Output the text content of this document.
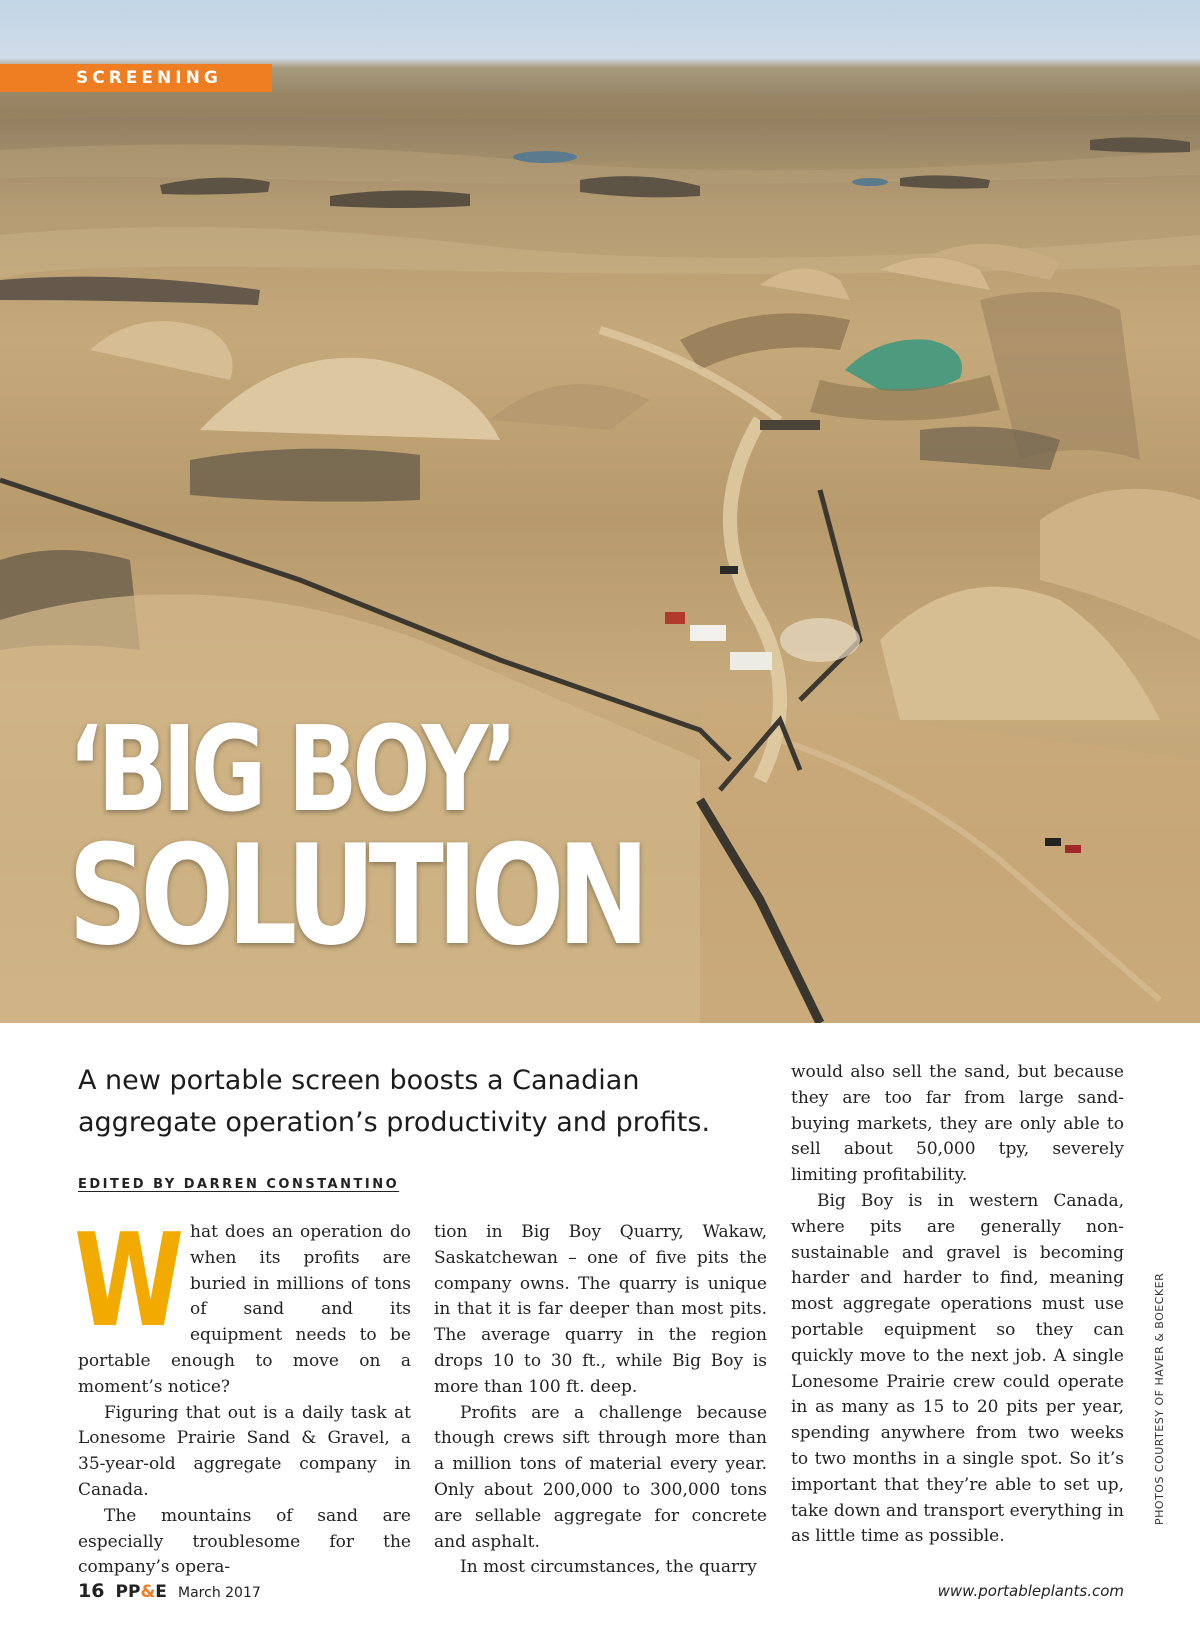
SCREENING
‘BIG BOY’
SOLUTION
A new portable screen boosts a Canadian aggregate operation’s productivity and profits.
EDITED BY DARREN CONSTANTINO
W hat does an operation do when its profits are buried in millions of tons of sand and its equipment needs to be portable enough to move on a moment’s notice?

Figuring that out is a daily task at Lonesome Prairie Sand & Gravel, a 35-year-old aggregate company in Canada.

The mountains of sand are especially troublesome for the company’s opera-

tion in Big Boy Quarry, Wakaw, Saskatchewan – one of five pits the company owns. The quarry is unique in that it is far deeper than most pits. The average quarry in the region drops 10 to 30 ft., while Big Boy is more than 100 ft. deep.

Profits are a challenge because though crews sift through more than a million tons of material every year. Only about 200,000 to 300,000 tons are sellable aggregate for concrete and asphalt.

In most circumstances, the quarry

would also sell the sand, but because they are too far from large sand-buying markets, they are only able to sell about 50,000 tpy, severely limiting profitability.

Big Boy is in western Canada, where pits are generally non-sustainable and gravel is becoming harder and harder to find, meaning most aggregate operations must use portable equipment so they can quickly move to the next job. A single Lonesome Prairie crew could operate in as many as 15 to 20 pits per year, spending anywhere from two weeks to two months in a single spot. So it’s important that they’re able to set up, take down and transport everything in as little time as possible.

PHOTOS COURTESY OF HAVER & BOECKER
16 PP&E March 2017	www.portableplants.com
